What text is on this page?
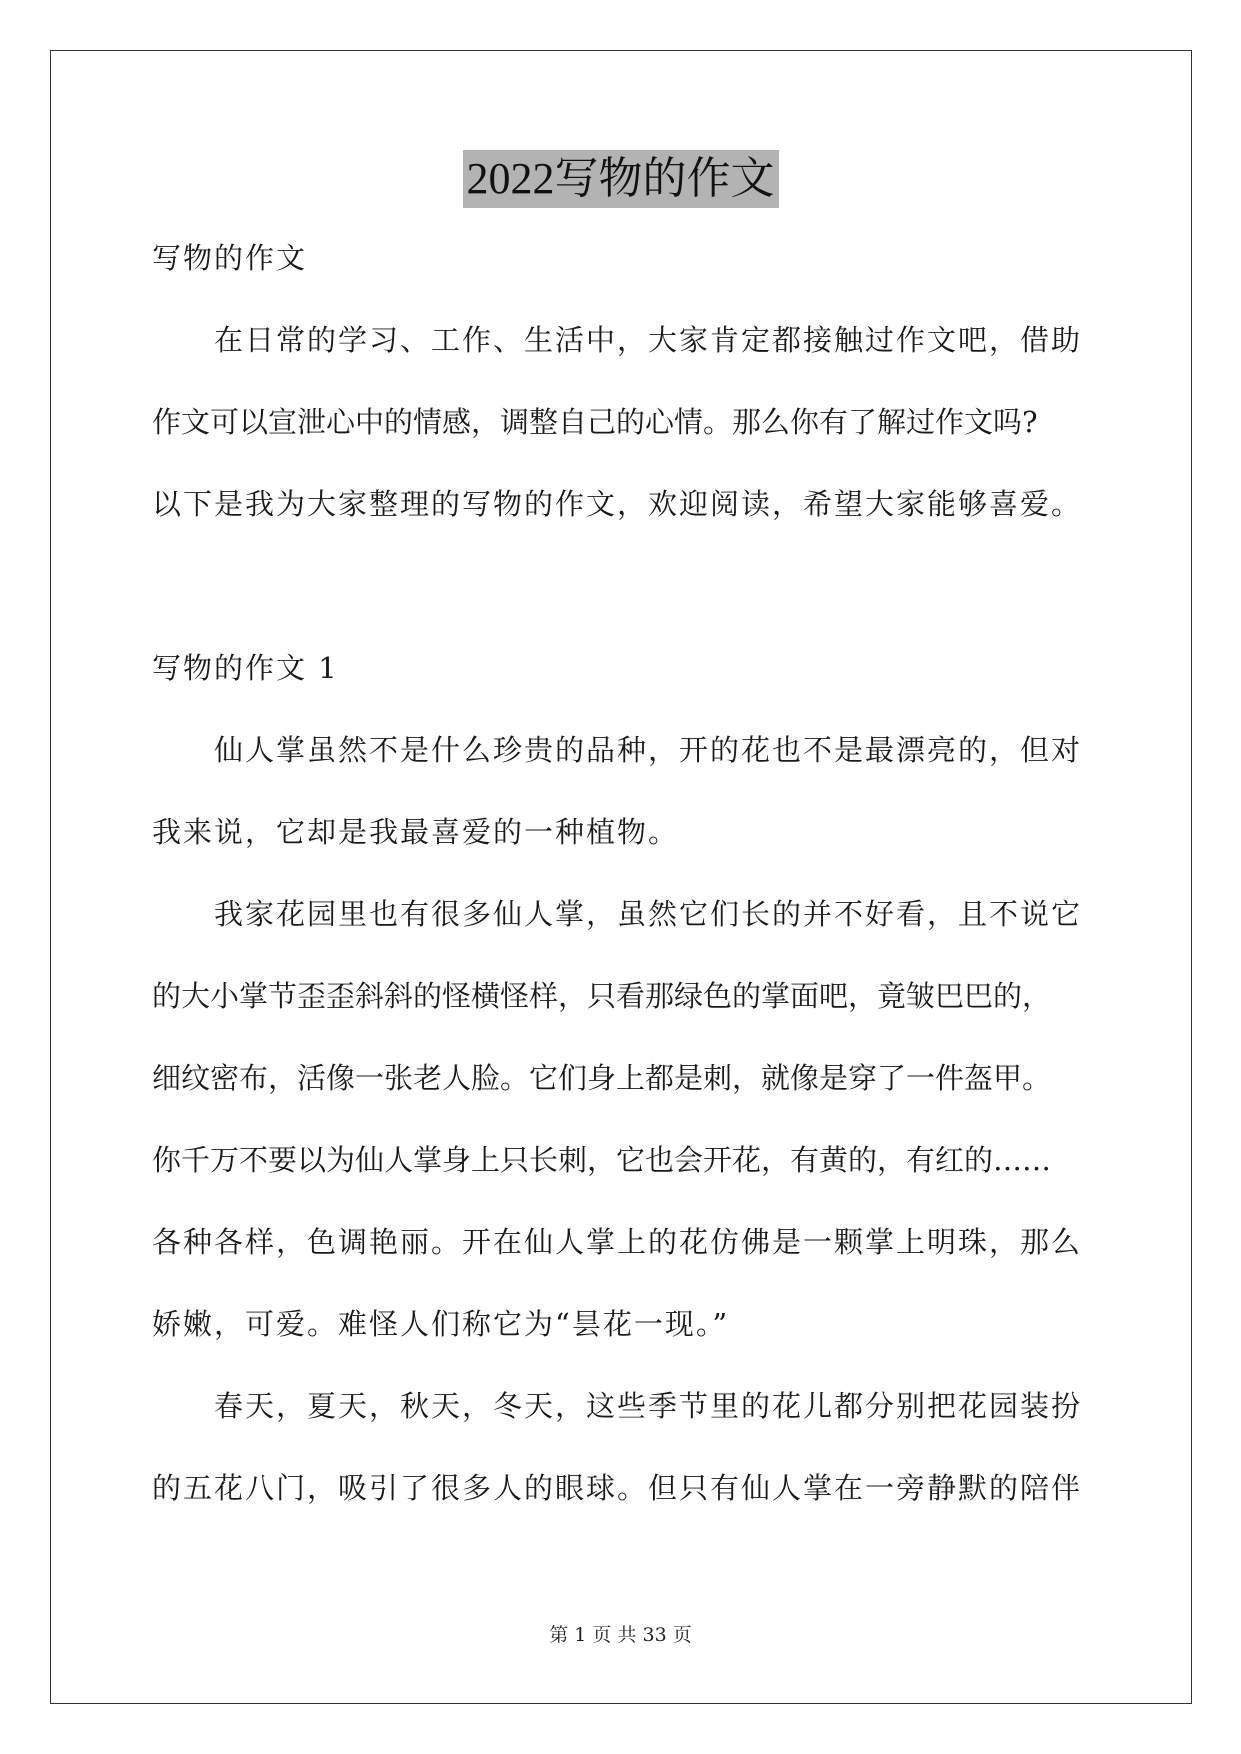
2022写物的作文
写物的作文
在日常的学习、工作、生活中，大家肯定都接触过作文吧，借助
作文可以宣泄心中的情感，调整自己的心情。那么你有了解过作文吗?
以下是我为大家整理的写物的作文，欢迎阅读，希望大家能够喜爱。
写物的作文 1
仙人掌虽然不是什么珍贵的品种，开的花也不是最漂亮的，但对
我来说，它却是我最喜爱的一种植物。
我家花园里也有很多仙人掌，虽然它们长的并不好看，且不说它
的大小掌节歪歪斜斜的怪横怪样，只看那绿色的掌面吧，竟皱巴巴的，
细纹密布，活像一张老人脸。它们身上都是刺，就像是穿了一件盔甲。
你千万不要以为仙人掌身上只长刺，它也会开花，有黄的，有红的……
各种各样，色调艳丽。开在仙人掌上的花仿佛是一颗掌上明珠，那么
娇嫩，可爱。难怪人们称它为“昙花一现。”
春天，夏天，秋天，冬天，这些季节里的花儿都分别把花园装扮
的五花八门，吸引了很多人的眼球。但只有仙人掌在一旁静默的陪伴
第 1 页 共 33 页
